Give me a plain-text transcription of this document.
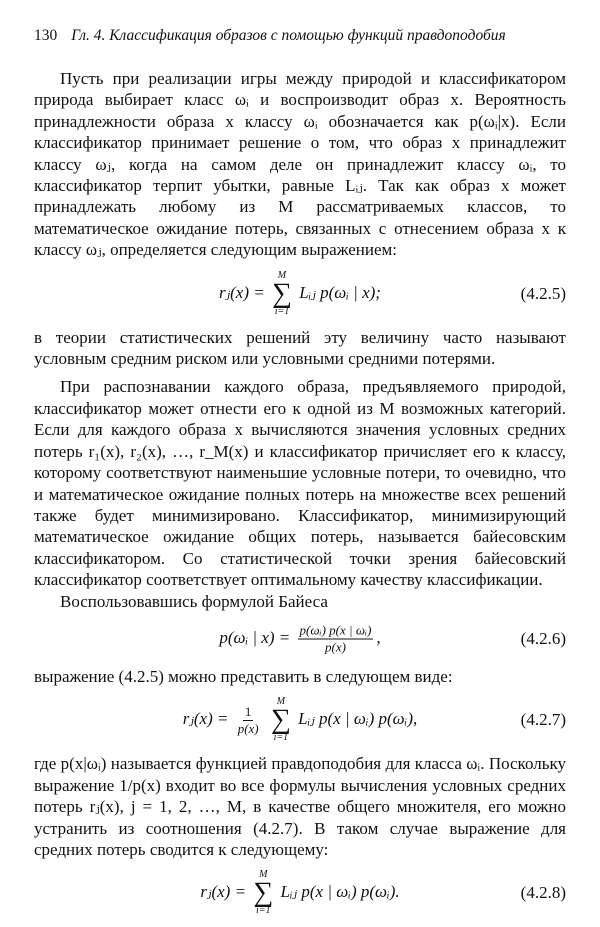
130 Гл. 4. Классификация образов с помощью функций правдоподобия

Пусть при реализации игры между природой и классификатором природа выбирает класс ωᵢ и воспроизводит образ x. Вероятность принадлежности образа x классу ωᵢ обозначается как p(ωᵢ|x). Если классификатор принимает решение о том, что образ x принадлежит классу ωⱼ, когда на самом деле он принадлежит классу ωᵢ, то классификатор терпит убытки, равные Lᵢⱼ. Так как образ x может принадлежать любому из M рассматриваемых классов, то математическое ожидание потерь, связанных с отнесением образа x к классу ωⱼ, определяется следующим выражением:

rⱼ(x) =
M
∑
i=1
Lᵢⱼ p(ωᵢ | x);	(4.2.5)

в теории статистических решений эту величину часто называют условным средним риском или условными средними потерями.

При распознавании каждого образа, предъявляемого природой, классификатор может отнести его к одной из M возможных категорий. Если для каждого образа x вычисляются значения условных средних потерь r₁(x), r₂(x), …, r_M(x) и классификатор причисляет его к классу, которому соответствуют наименьшие условные потери, то очевидно, что и математическое ожидание полных потерь на множестве всех решений также будет минимизировано. Классификатор, минимизирующий математическое ожидание общих потерь, называется байесовским классификатором. Со статистической точки зрения байесовский классификатор соответствует оптимальному качеству классификации.

Воспользовавшись формулой Байеса

p(ωᵢ | $x) = \frac{\text{p(ωᵢ) p(x | ωᵢ)}}{p(x)}$ ,	(4.2.6)

выражение (4.2.5) можно представить в следующем виде:

rⱼ(x) = $\frac{1}{p(x)}$

M
∑
i=1
Lᵢⱼ p(x | ωᵢ) p(ωᵢ),	(4.2.7)

где p(x|ωᵢ) называется функцией правдоподобия для класса ωᵢ. Поскольку выражение 1/p(x) входит во все формулы вычисления условных средних потерь rⱼ(x), j = 1, 2, …, M, в качестве общего множителя, его можно устранить из соотношения (4.2.7). В таком случае выражение для средних потерь сводится к следующему:

rⱼ(x) =
M
∑
i=1
Lᵢⱼ p(x | ωᵢ) p(ωᵢ).	(4.2.8)
